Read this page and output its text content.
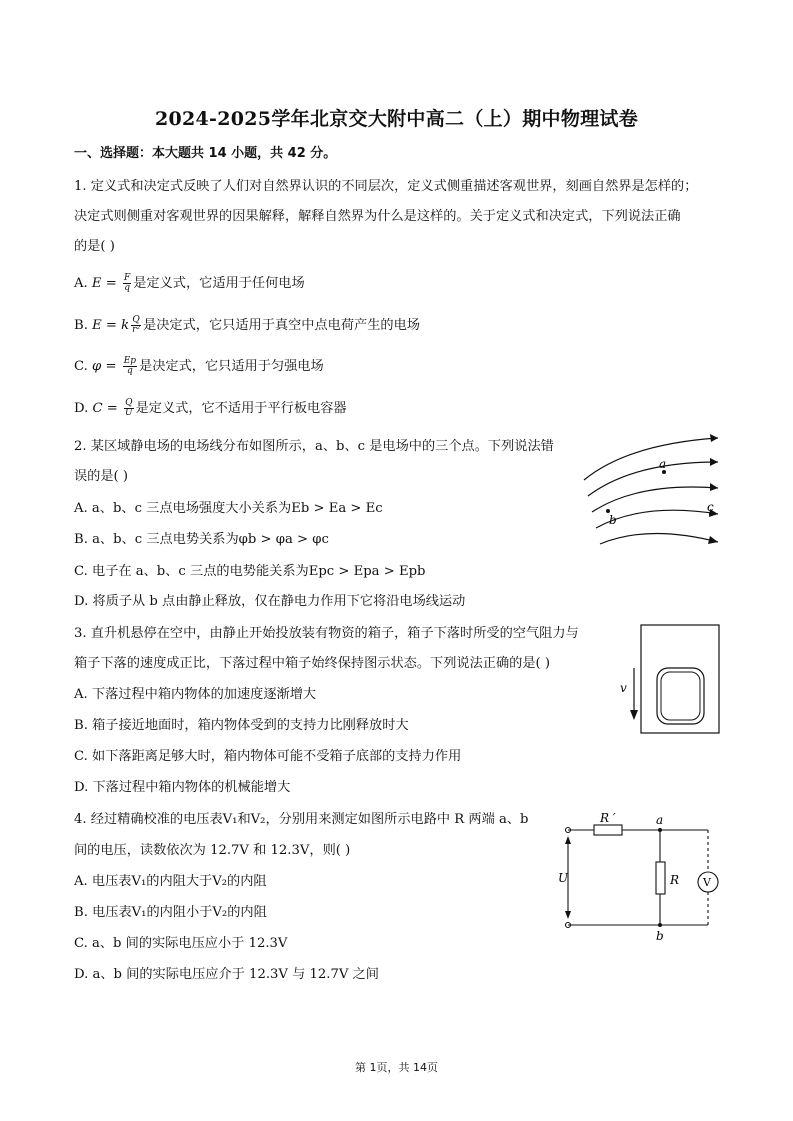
2024-2025学年北京交大附中高二（上）期中物理试卷
一、选择题：本大题共 14 小题，共 42 分。
1. 定义式和决定式反映了人们对自然界认识的不同层次，定义式侧重描述客观世界，刻画自然界是怎样的；
决定式则侧重对客观世界的因果解释，解释自然界为什么是这样的。关于定义式和决定式，下列说法正确
的是( )
A. $E = \frac{F}{q}$ 是定义式，它适用于任何电场
B. E = k $\frac{Q}{\text{r²}}$ 是决定式，它只适用于真空中点电荷产生的电场
C. $\varphi = \frac{Ep}{q}$ 是决定式，它只适用于匀强电场
D. $C = \frac{Q}{U}$ 是定义式，它不适用于平行板电容器
2. 某区域静电场的电场线分布如图所示，a、b、c 是电场中的三个点。下列说法错
误的是( )
A. a、b、c 三点电场强度大小关系为Eb > Ea > Ec
B. a、b、c 三点电势关系为φb > φa > φc
C. 电子在 a、b、c 三点的电势能关系为Epc > Epa > Epb
D. 将质子从 b 点由静止释放，仅在静电力作用下它将沿电场线运动
a
b
c
3. 直升机悬停在空中，由静止开始投放装有物资的箱子，箱子下落时所受的空气阻力与
箱子下落的速度成正比，下落过程中箱子始终保持图示状态。下列说法正确的是( )
A. 下落过程中箱内物体的加速度逐渐增大
B. 箱子接近地面时，箱内物体受到的支持力比刚释放时大
C. 如下落距离足够大时，箱内物体可能不受箱子底部的支持力作用
D. 下落过程中箱内物体的机械能增大
v
4. 经过精确校准的电压表V₁和V₂，分别用来测定如图所示电路中 R 两端 a、b
间的电压，读数依次为 12.7V 和 12.3V，则( )
A. 电压表V₁的内阻大于V₂的内阻
B. 电压表V₁的内阻小于V₂的内阻
C. a、b 间的实际电压应小于 12.3V
D. a、b 间的实际电压应介于 12.3V 与 12.7V 之间
R ′	a
b
R
U	V
第 1页，共 14页
